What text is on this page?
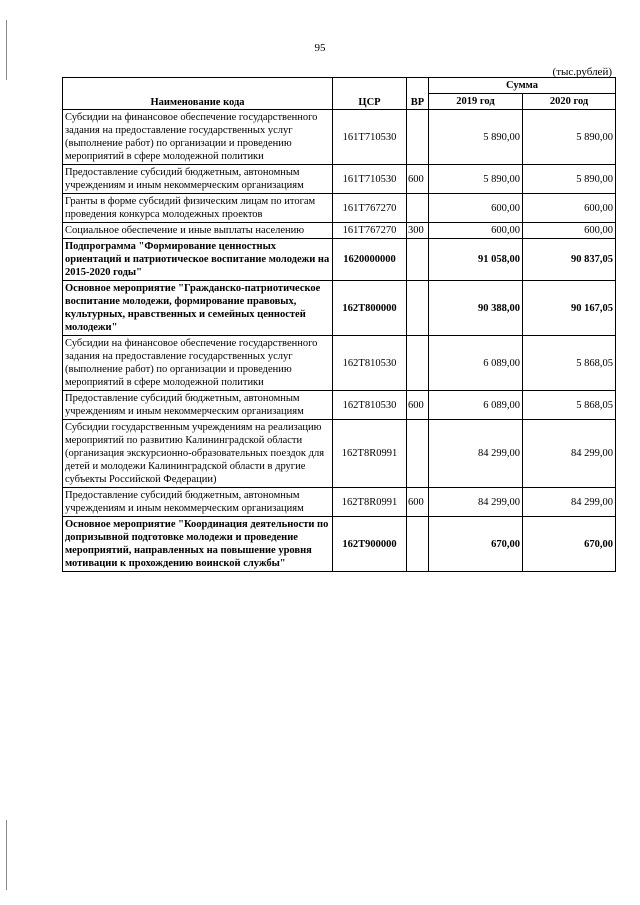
95
(тыс.рублей)
Наименование кода	ЦСР	ВР	Сумма	
			2019 год	2020 год
Субсидии на финансовое обеспечение государственного задания на предоставление государственных услуг (выполнение работ) по организации и проведению мероприятий в сфере молодежной политики	161Т710530		5 890,00	5 890,00
Предоставление субсидий бюджетным, автономным учреждениям и иным некоммерческим организациям	161Т710530	600	5 890,00	5 890,00
Гранты в форме субсидий физическим лицам по итогам проведения конкурса молодежных проектов	161Т767270		600,00	600,00
Социальное обеспечение и иные выплаты населению	161Т767270	300	600,00	600,00
Подпрограмма "Формирование ценностных ориентаций и патриотическое воспитание молодежи на 2015-2020 годы"	1620000000		91 058,00	90 837,05
Основное мероприятие "Гражданско-патриотическое воспитание молодежи, формирование правовых, культурных, нравственных и семейных ценностей молодежи"	162Т800000		90 388,00	90 167,05
Субсидии на финансовое обеспечение государственного задания на предоставление государственных услуг (выполнение работ) по организации и проведению мероприятий в сфере молодежной политики	162Т810530		6 089,00	5 868,05
Предоставление субсидий бюджетным, автономным учреждениям и иным некоммерческим организациям	162Т810530	600	6 089,00	5 868,05
Субсидии государственным учреждениям на реализацию мероприятий по развитию Калининградской области (организация экскурсионно-образовательных поездок для детей и молодежи Калининградской области в другие субъекты Российской Федерации)	162Т8R0991		84 299,00	84 299,00
Предоставление субсидий бюджетным, автономным учреждениям и иным некоммерческим организациям	162Т8R0991	600	84 299,00	84 299,00
Основное мероприятие "Координация деятельности по допризывной подготовке молодежи и проведение мероприятий, направленных на повышение уровня мотивации к прохождению воинской службы"	162Т900000		670,00	670,00
